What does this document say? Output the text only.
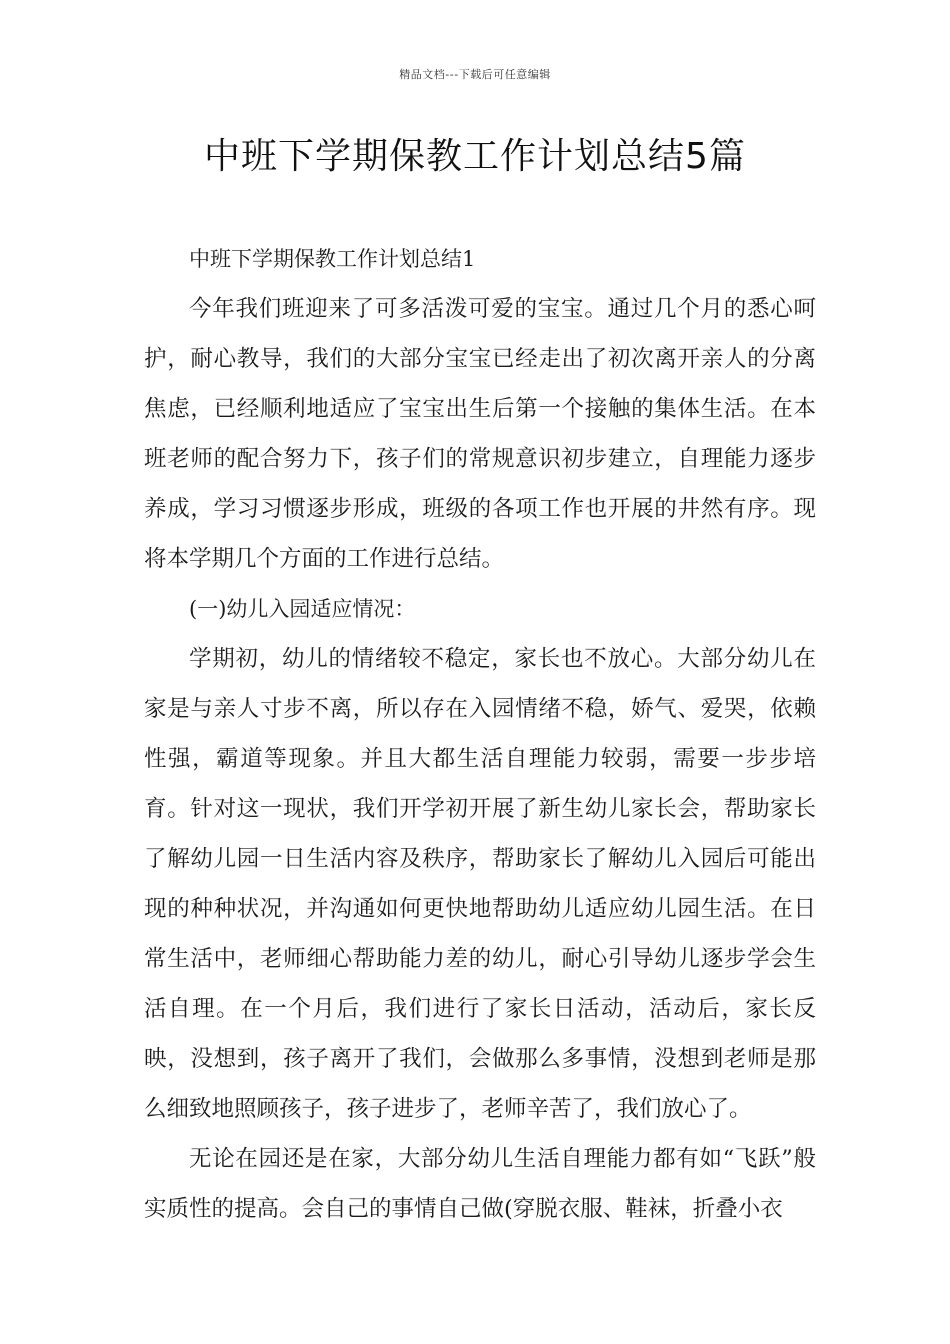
精品文档---下载后可任意编辑
中班下学期保教工作计划总结5篇

中班下学期保教工作计划总结1

今年我们班迎来了可多活泼可爱的宝宝。通过几个月的悉心呵护，耐心教导，我们的大部分宝宝已经走出了初次离开亲人的分离焦虑，已经顺利地适应了宝宝出生后第一个接触的集体生活。在本班老师的配合努力下，孩子们的常规意识初步建立，自理能力逐步养成，学习习惯逐步形成，班级的各项工作也开展的井然有序。现将本学期几个方面的工作进行总结。

(一)幼儿入园适应情况：

学期初，幼儿的情绪较不稳定，家长也不放心。大部分幼儿在家是与亲人寸步不离，所以存在入园情绪不稳，娇气、爱哭，依赖性强，霸道等现象。并且大都生活自理能力较弱，需要一步步培育。针对这一现状，我们开学初开展了新生幼儿家长会，帮助家长了解幼儿园一日生活内容及秩序，帮助家长了解幼儿入园后可能出现的种种状况，并沟通如何更快地帮助幼儿适应幼儿园生活。在日常生活中，老师细心帮助能力差的幼儿，耐心引导幼儿逐步学会生活自理。在一个月后，我们进行了家长日活动，活动后，家长反映，没想到，孩子离开了我们，会做那么多事情，没想到老师是那么细致地照顾孩子，孩子进步了，老师辛苦了，我们放心了。

无论在园还是在家，大部分幼儿生活自理能力都有如“飞跃”般实质性的提高。会自己的事情自己做(穿脱衣服、鞋袜，折叠小衣
